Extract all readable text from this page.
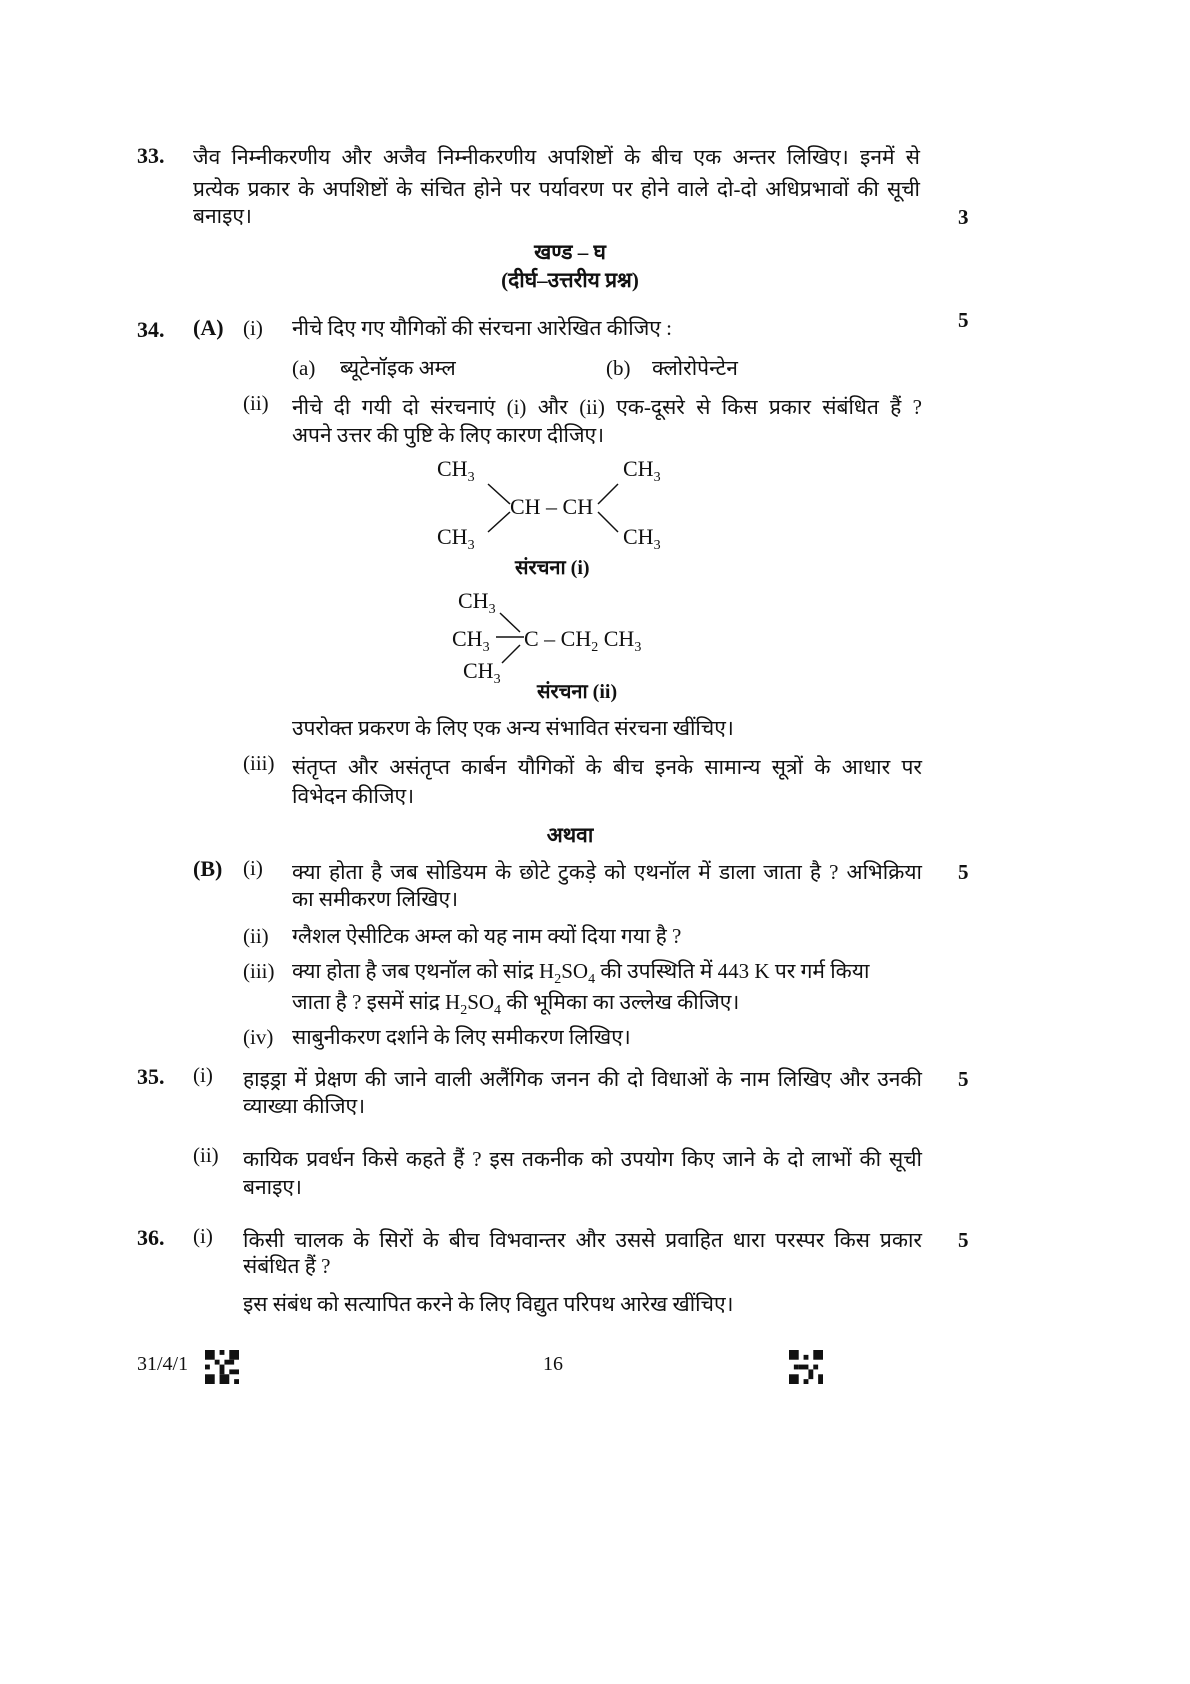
33. जैव निम्नीकरणीय और अजैव निम्नीकरणीय अपशिष्टों के बीच एक अन्तर लिखिए। इनमें से
प्रत्येक प्रकार के अपशिष्टों के संचित होने पर पर्यावरण पर होने वाले दो-दो अधिप्रभावों की सूची
बनाइए।	3
खण्ड – घ
(दीर्घ–उत्तरीय प्रश्न)
34. (A) (i) नीचे दिए गए यौगिकों की संरचना आरेखित कीजिए :	5
(a) ब्यूटेनॉइक अम्ल	(b) क्लोरोपेन्टेन
(ii) नीचे दी गयी दो संरचनाएं (i) और (ii) एक-दूसरे से किस प्रकार संबंधित हैं ?
अपने उत्तर की पुष्टि के लिए कारण दीजिए।
$CH_3$	$CH_3$
CH – CH
$CH_3$	$CH_3$
संरचना (i)
$CH_3$
$CH_3$ C – $CH_2$ $CH_3$
$CH_3$
संरचना (ii)
उपरोक्त प्रकरण के लिए एक अन्य संभावित संरचना खींचिए।
(iii) संतृप्त और असंतृप्त कार्बन यौगिकों के बीच इनके सामान्य सूत्रों के आधार पर
विभेदन कीजिए।
अथवा
(B) (i) क्या होता है जब सोडियम के छोटे टुकड़े को एथनॉल में डाला जाता है ? अभिक्रिया 5
का समीकरण लिखिए।
(ii) ग्लैशल ऐसीटिक अम्ल को यह नाम क्यों दिया गया है ?
(iii) क्या होता है जब एथनॉल को सांद्र $H_2SO_4$ की उपस्थिति में 443 K पर गर्म किया
जाता है ? इसमें सांद्र $H_2SO_4$ की भूमिका का उल्लेख कीजिए।
(iv) साबुनीकरण दर्शाने के लिए समीकरण लिखिए।
35. (i) हाइड्रा में प्रेक्षण की जाने वाली अलैंगिक जनन की दो विधाओं के नाम लिखिए और उनकी 5
व्याख्या कीजिए।
(ii) कायिक प्रवर्धन किसे कहते हैं ? इस तकनीक को उपयोग किए जाने के दो लाभों की सूची
बनाइए।
36. (i) किसी चालक के सिरों के बीच विभवान्तर और उससे प्रवाहित धारा परस्पर किस प्रकार 5
संबंधित हैं ?
इस संबंध को सत्यापित करने के लिए विद्युत परिपथ आरेख खींचिए।
31/4/1	16
